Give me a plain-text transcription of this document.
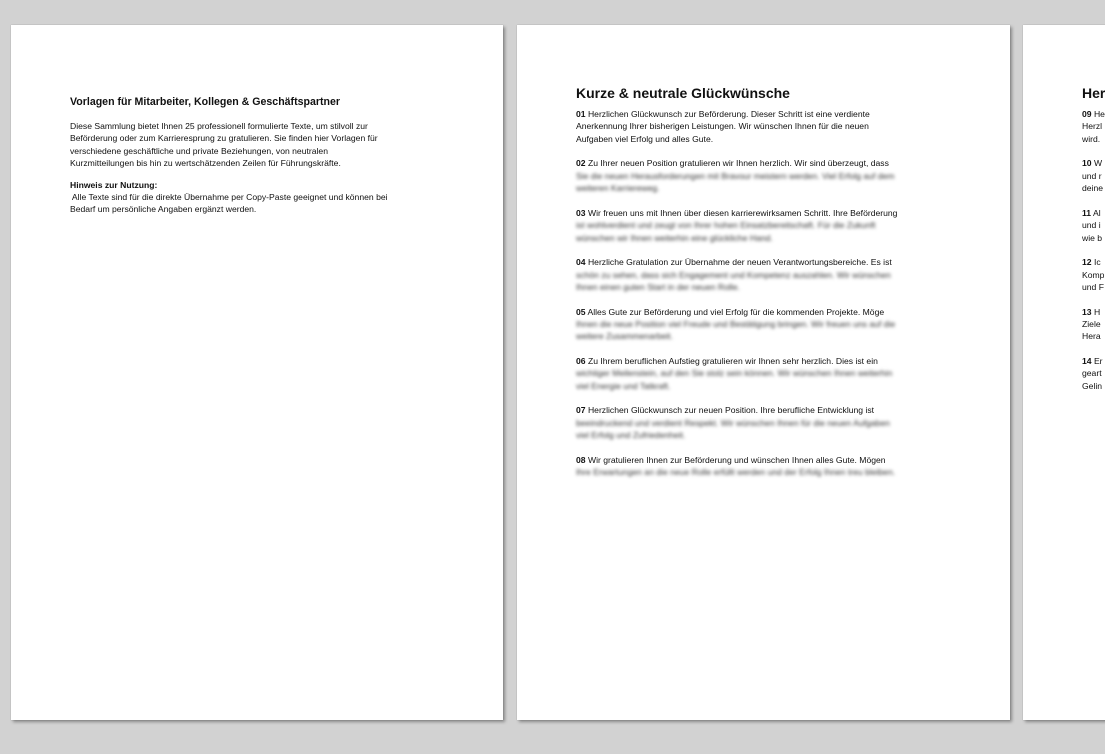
Vorlagen für Mitarbeiter, Kollegen & Geschäftspartner

Diese Sammlung bietet Ihnen 25 professionell formulierte Texte, um stilvoll zur
Beförderung oder zum Karrieresprung zu gratulieren. Sie finden hier Vorlagen für
verschiedene geschäftliche und private Beziehungen, von neutralen
Kurzmitteilungen bis hin zu wertschätzenden Zeilen für Führungskräfte.

Hinweis zur Nutzung:
Alle Texte sind für die direkte Übernahme per Copy-Paste geeignet und können bei
Bedarf um persönliche Angaben ergänzt werden.

Kurze & neutrale Glückwünsche

01 Herzlichen Glückwunsch zur Beförderung. Dieser Schritt ist eine verdiente
Anerkennung Ihrer bisherigen Leistungen. Wir wünschen Ihnen für die neuen
Aufgaben viel Erfolg und alles Gute.

02 Zu Ihrer neuen Position gratulieren wir Ihnen herzlich. Wir sind überzeugt, dass
Sie die neuen Herausforderungen mit Bravour meistern werden. Viel Erfolg auf dem
weiteren Karriereweg.

03 Wir freuen uns mit Ihnen über diesen karrierewirksamen Schritt. Ihre Beförderung
ist wohlverdient und zeugt von Ihrer hohen Einsatzbereitschaft. Für die Zukunft
wünschen wir Ihnen weiterhin eine glückliche Hand.

04 Herzliche Gratulation zur Übernahme der neuen Verantwortungsbereiche. Es ist
schön zu sehen, dass sich Engagement und Kompetenz auszahlen. Wir wünschen
Ihnen einen guten Start in der neuen Rolle.

05 Alles Gute zur Beförderung und viel Erfolg für die kommenden Projekte. Möge
Ihnen die neue Position viel Freude und Bestätigung bringen. Wir freuen uns auf die
weitere Zusammenarbeit.

06 Zu Ihrem beruflichen Aufstieg gratulieren wir Ihnen sehr herzlich. Dies ist ein
wichtiger Meilenstein, auf den Sie stolz sein können. Wir wünschen Ihnen weiterhin
viel Energie und Tatkraft.

07 Herzlichen Glückwunsch zur neuen Position. Ihre berufliche Entwicklung ist
beeindruckend und verdient Respekt. Wir wünschen Ihnen für die neuen Aufgaben
viel Erfolg und Zufriedenheit.

08 Wir gratulieren Ihnen zur Beförderung und wünschen Ihnen alles Gute. Mögen
Ihre Erwartungen an die neue Rolle erfüllt werden und der Erfolg Ihnen treu bleiben.

Her

09 He
Herzl
wird.

10 W
und r
deine

11 Al
und i
wie b

12 Ic
Komp
und F

13 H
Ziele
Hera

14 Er
geart
Gelin
